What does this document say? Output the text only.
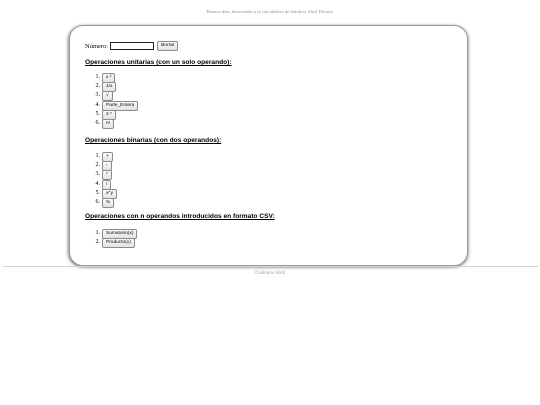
Buenos días, bienvenido a la calculadora de Salobrio Abril Palanco
Número:	Borrar
Operaciones unitarias (con un solo operando):
1.	x ²
2.	1/x
3.	√
4.	Parte_Entera
5.	2 ˣ
6.	n!
Operaciones binarias (con dos operandos):
1.	+
2.	-
3.	*
4.	/
5.	x^y
6.	%
Operaciones con n operandos introducidos en formato CSV:
1.	Sumatorio(x)
2.	Producto(x)
©Salobrio Abril
